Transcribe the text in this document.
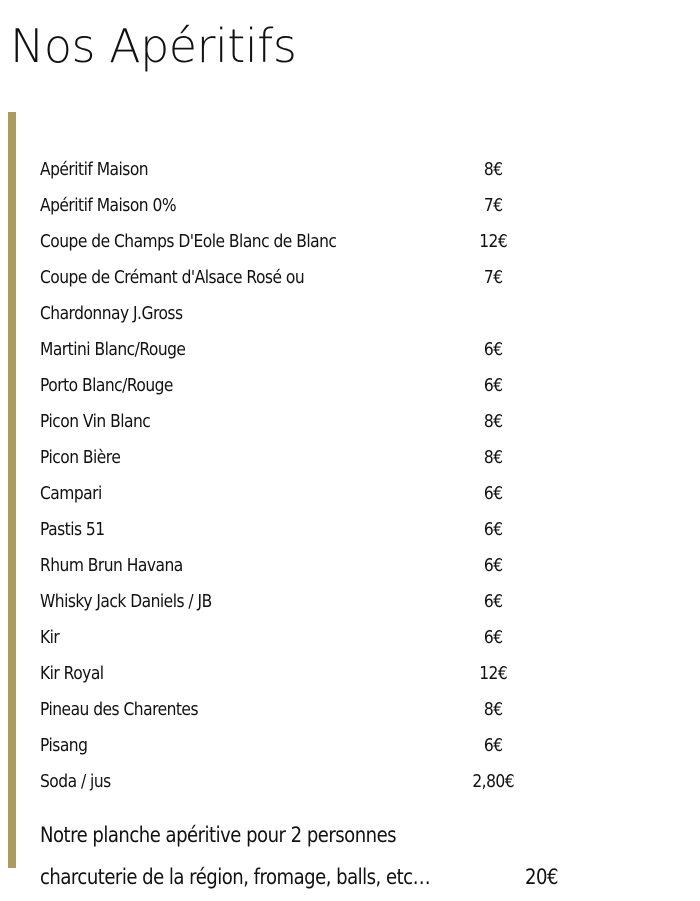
Nos Apéritifs
Apéritif Maison	8€
Apéritif Maison 0%	7€
Coupe de Champs D'Eole Blanc de Blanc	12€
Coupe de Crémant d'Alsace Rosé ou	7€
Chardonnay J.Gross
Martini Blanc/Rouge	6€
Porto Blanc/Rouge	6€
Picon Vin Blanc	8€
Picon Bière	8€
Campari	6€
Pastis 51	6€
Rhum Brun Havana	6€
Whisky Jack Daniels / JB	6€
Kir	6€
Kir Royal	12€
Pineau des Charentes	8€
Pisang	6€
Soda / jus	2,80€
Notre planche apéritive pour 2 personnes
charcuterie de la région, fromage, balls, etc…	20€
